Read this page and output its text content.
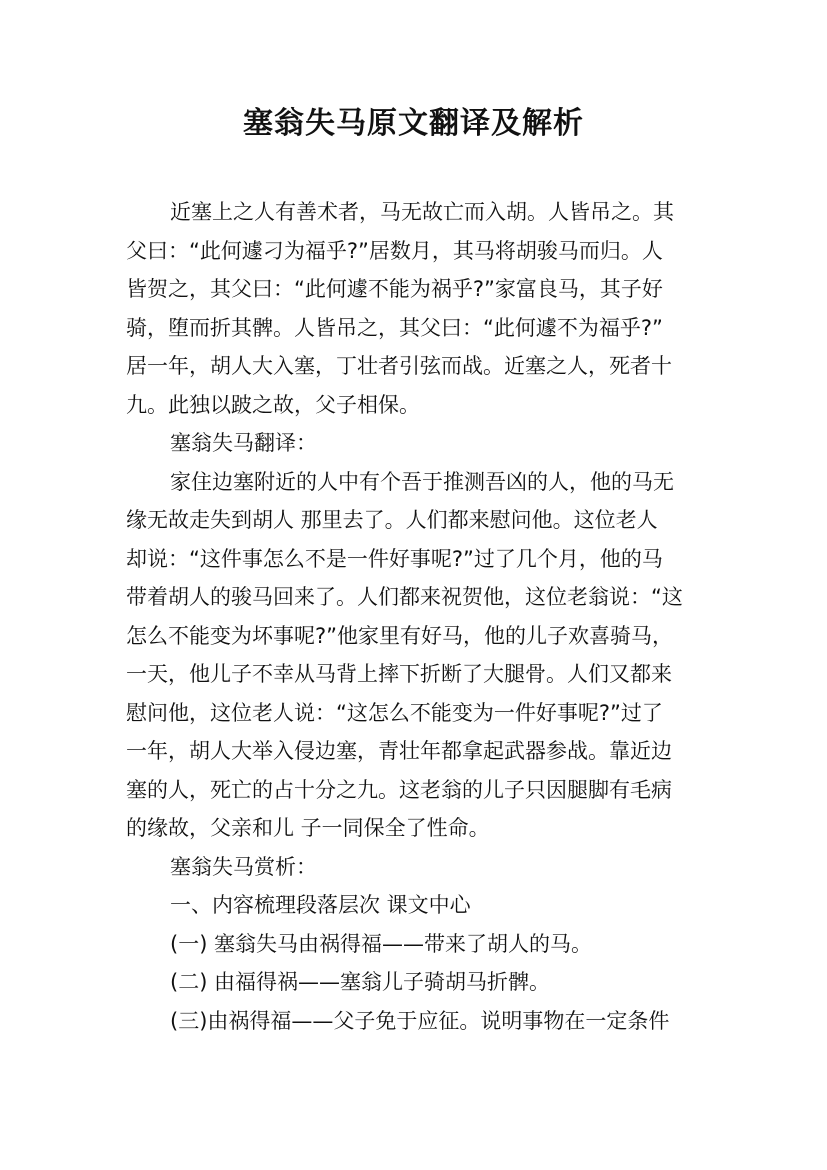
塞翁失马原文翻译及解析
近塞上之人有善术者，马无故亡而入胡。人皆吊之。其
父曰：“此何遽刁为福乎?”居数月，其马将胡骏马而归。人
皆贺之，其父曰：“此何遽不能为祸乎?”家富良马，其子好
骑，堕而折其髀。人皆吊之，其父曰：“此何遽不为福乎?”
居一年，胡人大入塞，丁壮者引弦而战。近塞之人，死者十
九。此独以跛之故，父子相保。
塞翁失马翻译：
家住边塞附近的人中有个吾于推测吾凶的人，他的马无
缘无故走失到胡人 那里去了。人们都来慰问他。这位老人
却说：“这件事怎么不是一件好事呢?”过了几个月，他的马
带着胡人的骏马回来了。人们都来祝贺他，这位老翁说：“这
怎么不能变为坏事呢?”他家里有好马，他的儿子欢喜骑马，
一天，他儿子不幸从马背上摔下折断了大腿骨。人们又都来
慰问他，这位老人说：“这怎么不能变为一件好事呢?”过了
一年，胡人大举入侵边塞，青壮年都拿起武器参战。靠近边
塞的人，死亡的占十分之九。这老翁的儿子只因腿脚有毛病
的缘故，父亲和儿 子一同保全了性命。
塞翁失马赏析：
一、内容梳理段落层次 课文中心
(一) 塞翁失马由祸得福——带来了胡人的马。
(二) 由福得祸——塞翁儿子骑胡马折髀。
(三)由祸得福——父子免于应征。说明事物在一定条件
